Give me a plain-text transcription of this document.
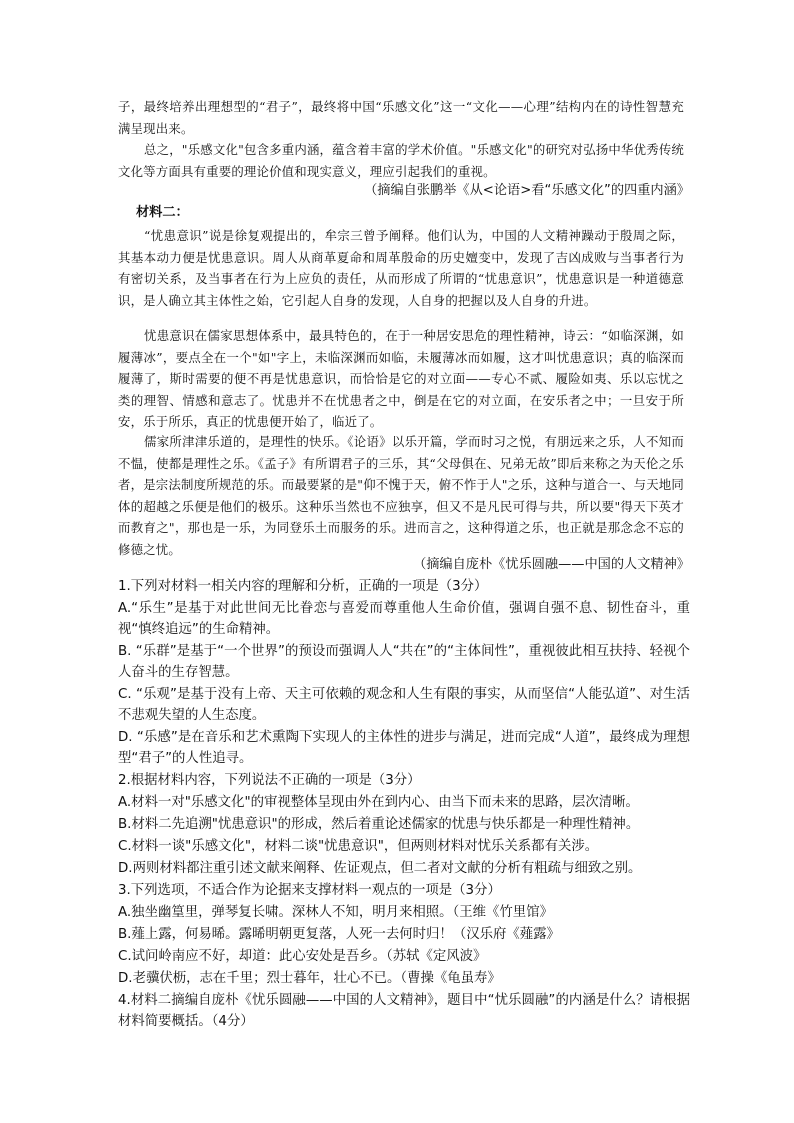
子，最终培养出理想型的“君子”，最终将中国“乐感文化”这一“文化——心理”结构内在的诗性智慧充满呈现出来。

总之，"乐感文化"包含多重内涵，蕴含着丰富的学术价值。"乐感文化"的研究对弘扬中华优秀传统文化等方面具有重要的理论价值和现实意义，理应引起我们的重视。

（摘编自张鹏举《从<论语>看“乐感文化”的四重内涵》
材料二：

“忧患意识”说是徐复观提出的，牟宗三曾予阐释。他们认为，中国的人文精神躁动于殷周之际，其基本动力便是忧患意识。周人从商革夏命和周革殷命的历史嬗变中，发现了吉凶成败与当事者行为有密切关系，及当事者在行为上应负的责任，从而形成了所谓的“忧患意识”，忧患意识是一种道德意识，是人确立其主体性之始，它引起人自身的发现，人自身的把握以及人自身的升进。

忧患意识在儒家思想体系中，最具特色的，在于一种居安思危的理性精神，诗云：“如临深渊，如履薄冰”，要点全在一个"如"字上，未临深渊而如临，未履薄冰而如履，这才叫忧患意识；真的临深而履薄了，斯时需要的便不再是忧患意识，而恰恰是它的对立面——专心不贰、履险如夷、乐以忘忧之类的理智、情感和意志了。忧患并不在忧患者之中，倒是在它的对立面，在安乐者之中；一旦安于所安，乐于所乐，真正的忧患便开始了，临近了。

儒家所津津乐道的，是理性的快乐。《论语》以乐开篇，学而时习之悦，有朋远来之乐，人不知而不愠，使都是理性之乐。《孟子》有所谓君子的三乐，其“父母俱在、兄弟无故”即后来称之为天伦之乐者，是宗法制度所规范的乐。而最要紧的是"仰不愧于天，俯不怍于人"之乐，这种与道合一、与天地同体的超越之乐便是他们的极乐。这种乐当然也不应独享，但又不是凡民可得与共，所以要"得天下英才而教育之"，那也是一乐，为同登乐土而服务的乐。进而言之，这种得道之乐，也正就是那念念不忘的修德之忧。

（摘编自庞朴《忧乐圆融——中国的人文精神》

1.下列对材料一相关内容的理解和分析，正确的一项是（3分）

A.“乐生”是基于对此世间无比眷恋与喜爱而尊重他人生命价值，强调自强不息、韧性奋斗，重视“慎终追远”的生命精神。

B. “乐群”是基于“一个世界”的预设而强调人人“共在”的“主体间性”，重视彼此相互扶持、轻视个人奋斗的生存智慧。

C. “乐观”是基于没有上帝、天主可依赖的观念和人生有限的事实，从而坚信“人能弘道”、对生活不悲观失望的人生态度。

D. “乐感”是在音乐和艺术熏陶下实现人的主体性的进步与满足，进而完成“人道”，最终成为理想型“君子”的人性追寻。

2.根据材料内容，下列说法不正确的一项是（3分）

A.材料一对"乐感文化"的审视整体呈现由外在到内心、由当下而未来的思路，层次清晰。

B.材料二先追溯"忧患意识"的形成，然后着重论述儒家的忧患与快乐都是一种理性精神。

C.材料一谈"乐感文化"，材料二谈"忧患意识"，但两则材料对忧乐关系都有关涉。

D.两则材料都注重引述文献来阐释、佐证观点，但二者对文献的分析有粗疏与细致之别。

3.下列选项，不适合作为论据来支撑材料一观点的一项是（3分）

A.独坐幽篁里，弹琴复长啸。深林人不知，明月来相照。（王维《竹里馆》

B.薤上露，何易晞。露晞明朝更复落，人死一去何时归！（汉乐府《薤露》

C.试问岭南应不好，却道：此心安处是吾乡。（苏轼《定风波》

D.老骥伏枥，志在千里；烈士暮年，壮心不已。（曹操《龟虽寿》

4.材料二摘编自庞朴《忧乐圆融——中国的人文精神》，题目中“忧乐圆融”的内涵是什么？请根据材料简要概括。（4分）
